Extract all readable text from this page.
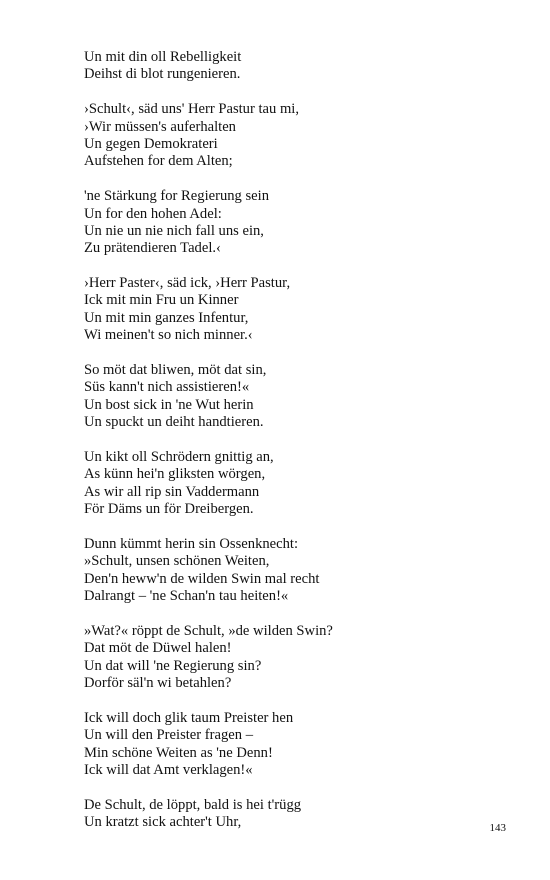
Un mit din oll Rebelligkeit
Deihst di blot rungenieren.
›Schult‹, säd uns' Herr Pastur tau mi,
›Wir müssen's auferhalten
Un gegen Demokrateri
Aufstehen for dem Alten;
'ne Stärkung for Regierung sein
Un for den hohen Adel:
Un nie un nie nich fall uns ein,
Zu prätendieren Tadel.‹
›Herr Paster‹, säd ick, ›Herr Pastur,
Ick mit min Fru un Kinner
Un mit min ganzes Infentur,
Wi meinen't so nich minner.‹
So möt dat bliwen, möt dat sin,
Süs kann't nich assistieren!«
Un bost sick in 'ne Wut herin
Un spuckt un deiht handtieren.
Un kikt oll Schrödern gnittig an,
As künn hei'n gliksten wörgen,
As wir all rip sin Vaddermann
För Däms un för Dreibergen.
Dunn kümmt herin sin Ossenknecht:
»Schult, unsen schönen Weiten,
Den'n heww'n de wilden Swin mal recht
Dalrangt – 'ne Schan'n tau heiten!«
»Wat?« röppt de Schult, »de wilden Swin?
Dat möt de Düwel halen!
Un dat will 'ne Regierung sin?
Dorför säl'n wi betahlen?
Ick will doch glik taum Preister hen
Un will den Preister fragen –
Min schöne Weiten as 'ne Denn!
Ick will dat Amt verklagen!«
De Schult, de löppt, bald is hei t'rügg
Un kratzt sick achter't Uhr,	143
